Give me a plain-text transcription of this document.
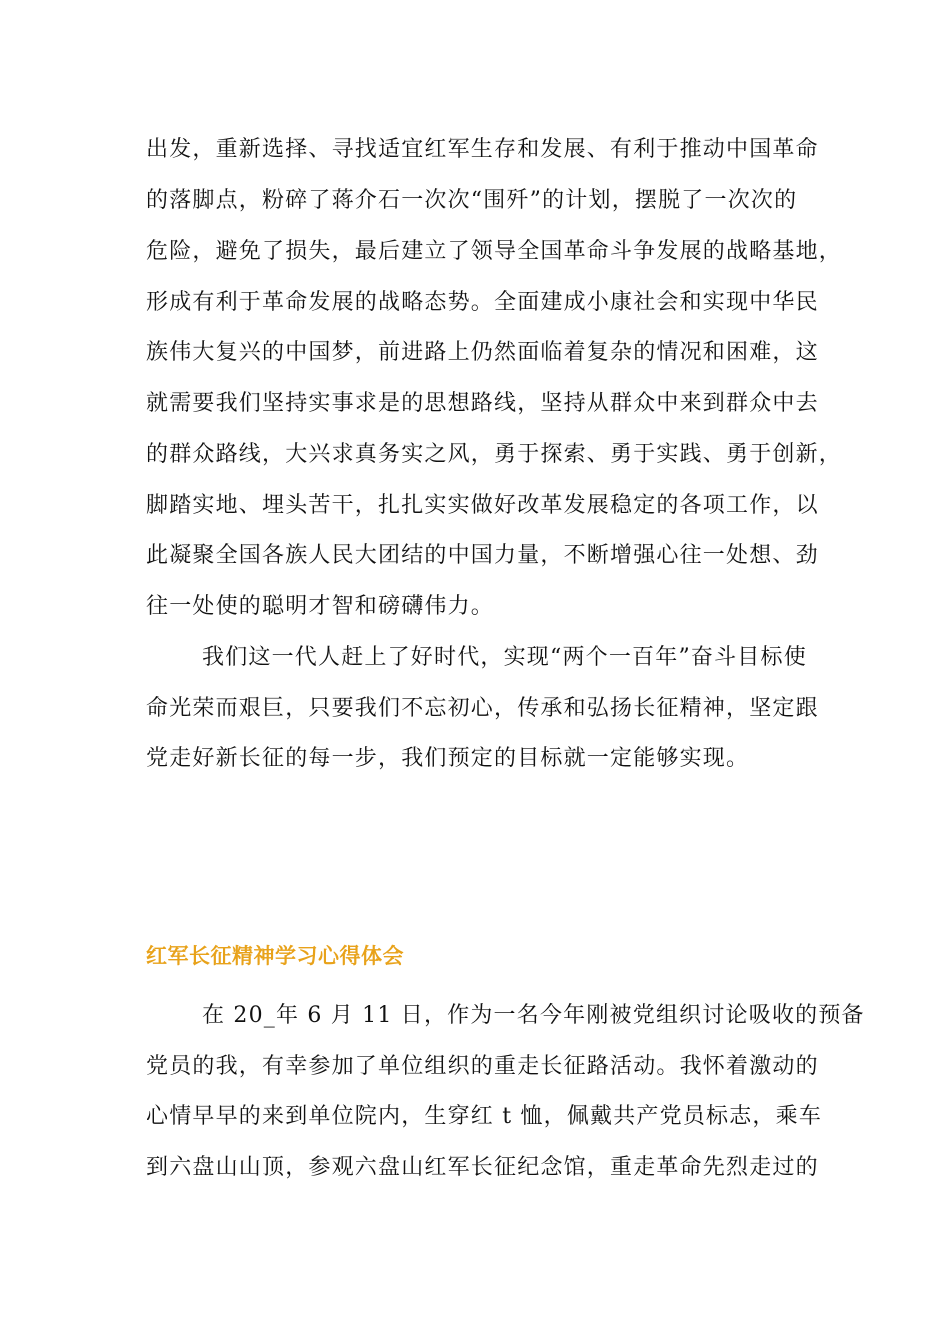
出发，重新选择、寻找适宜红军生存和发展、有利于推动中国革命
的落脚点，粉碎了蒋介石一次次“围歼”的计划，摆脱了一次次的
危险，避免了损失，最后建立了领导全国革命斗争发展的战略基地，
形成有利于革命发展的战略态势。全面建成小康社会和实现中华民
族伟大复兴的中国梦，前进路上仍然面临着复杂的情况和困难，这
就需要我们坚持实事求是的思想路线，坚持从群众中来到群众中去
的群众路线，大兴求真务实之风，勇于探索、勇于实践、勇于创新，
脚踏实地、埋头苦干，扎扎实实做好改革发展稳定的各项工作，以
此凝聚全国各族人民大团结的中国力量，不断增强心往一处想、劲
往一处使的聪明才智和磅礴伟力。
我们这一代人赶上了好时代，实现“两个一百年”奋斗目标使
命光荣而艰巨，只要我们不忘初心，传承和弘扬长征精神，坚定跟
党走好新长征的每一步，我们预定的目标就一定能够实现。
红军长征精神学习心得体会
在 20_年 6 月 11 日，作为一名今年刚被党组织讨论吸收的预备
党员的我，有幸参加了单位组织的重走长征路活动。我怀着激动的
心情早早的来到单位院内，生穿红 t 恤，佩戴共产党员标志，乘车
到六盘山山顶，参观六盘山红军长征纪念馆，重走革命先烈走过的
